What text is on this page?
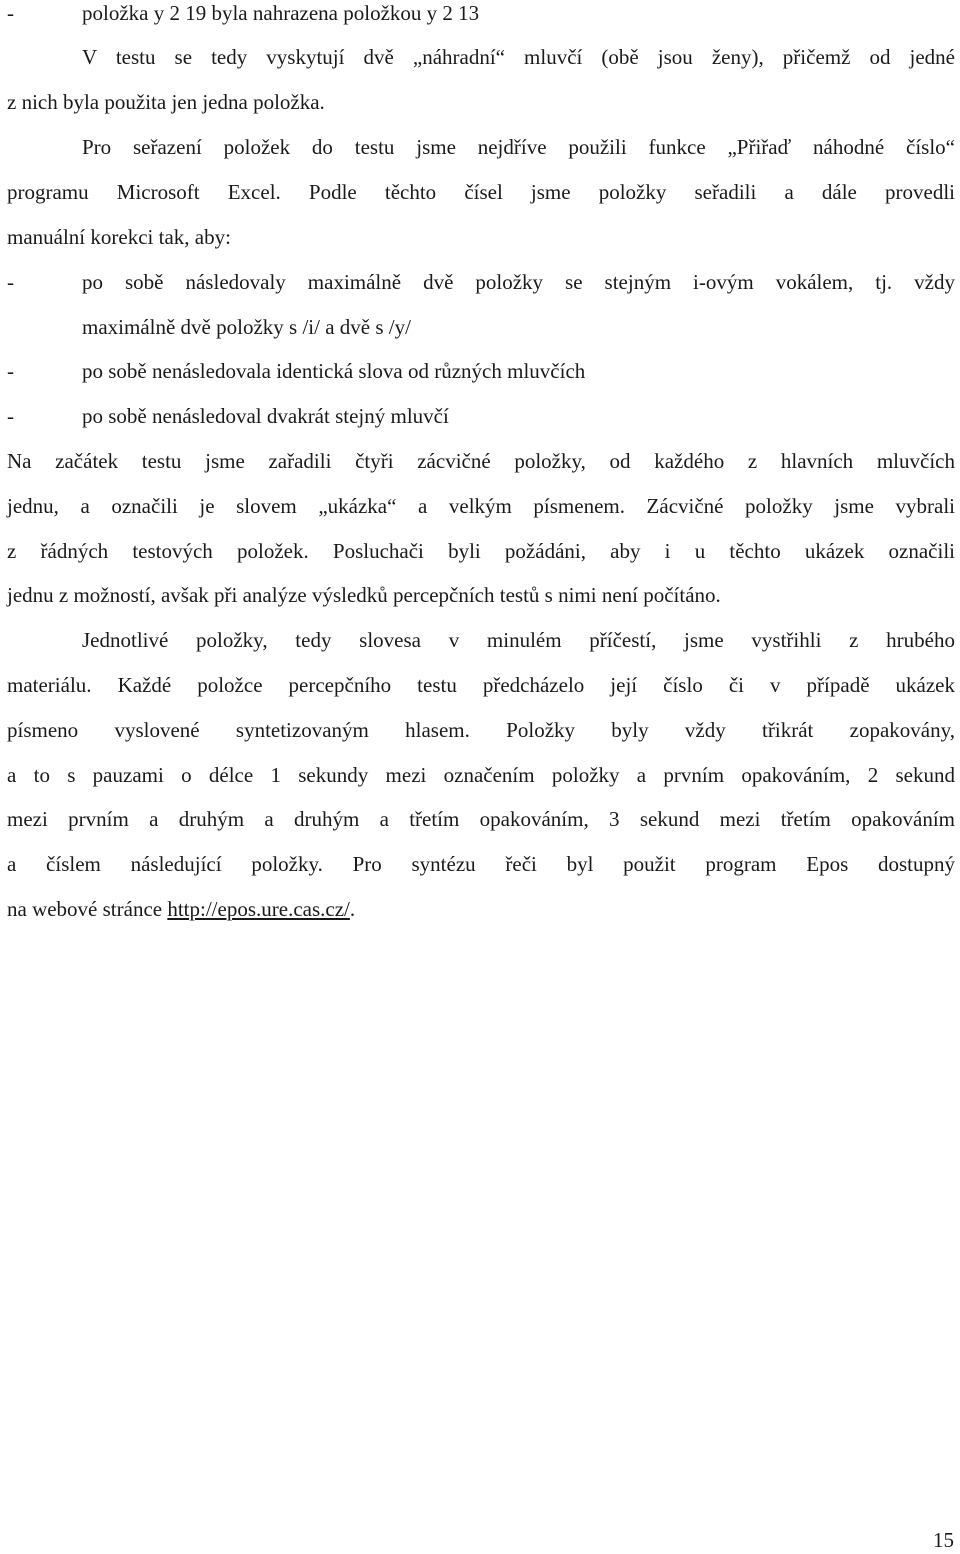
-	položka y 2 19 byla nahrazena položkou y 2 13
V testu se tedy vyskytují dvě „náhradní“ mluvčí (obě jsou ženy), přičemž od jedné
z nich byla použita jen jedna položka.
Pro seřazení položek do testu jsme nejdříve použili funkce „Přiřaď náhodné číslo“
programu Microsoft Excel. Podle těchto čísel jsme položky seřadili a dále provedli
manuální korekci tak, aby:
-	po sobě následovaly maximálně dvě položky se stejným i-ovým vokálem, tj. vždy
maximálně dvě položky s /i/ a dvě s /y/
-	po sobě nenásledovala identická slova od různých mluvčích
-	po sobě nenásledoval dvakrát stejný mluvčí
Na začátek testu jsme zařadili čtyři zácvičné položky, od každého z hlavních mluvčích
jednu, a označili je slovem „ukázka“ a velkým písmenem. Zácvičné položky jsme vybrali
z řádných testových položek. Posluchači byli požádáni, aby i u těchto ukázek označili
jednu z možností, avšak při analýze výsledků percepčních testů s nimi není počítáno.
Jednotlivé položky, tedy slovesa v minulém příčestí, jsme vystřihli z hrubého
materiálu. Každé položce percepčního testu předcházelo její číslo či v případě ukázek
písmeno vyslovené syntetizovaným hlasem. Položky byly vždy třikrát zopakovány,
a to s pauzami o délce 1 sekundy mezi označením položky a prvním opakováním, 2 sekund
mezi prvním a druhým a druhým a třetím opakováním, 3 sekund mezi třetím opakováním
a číslem následující položky. Pro syntézu řeči byl použit program Epos dostupný
na webové stránce http://epos.ure.cas.cz/.
15
